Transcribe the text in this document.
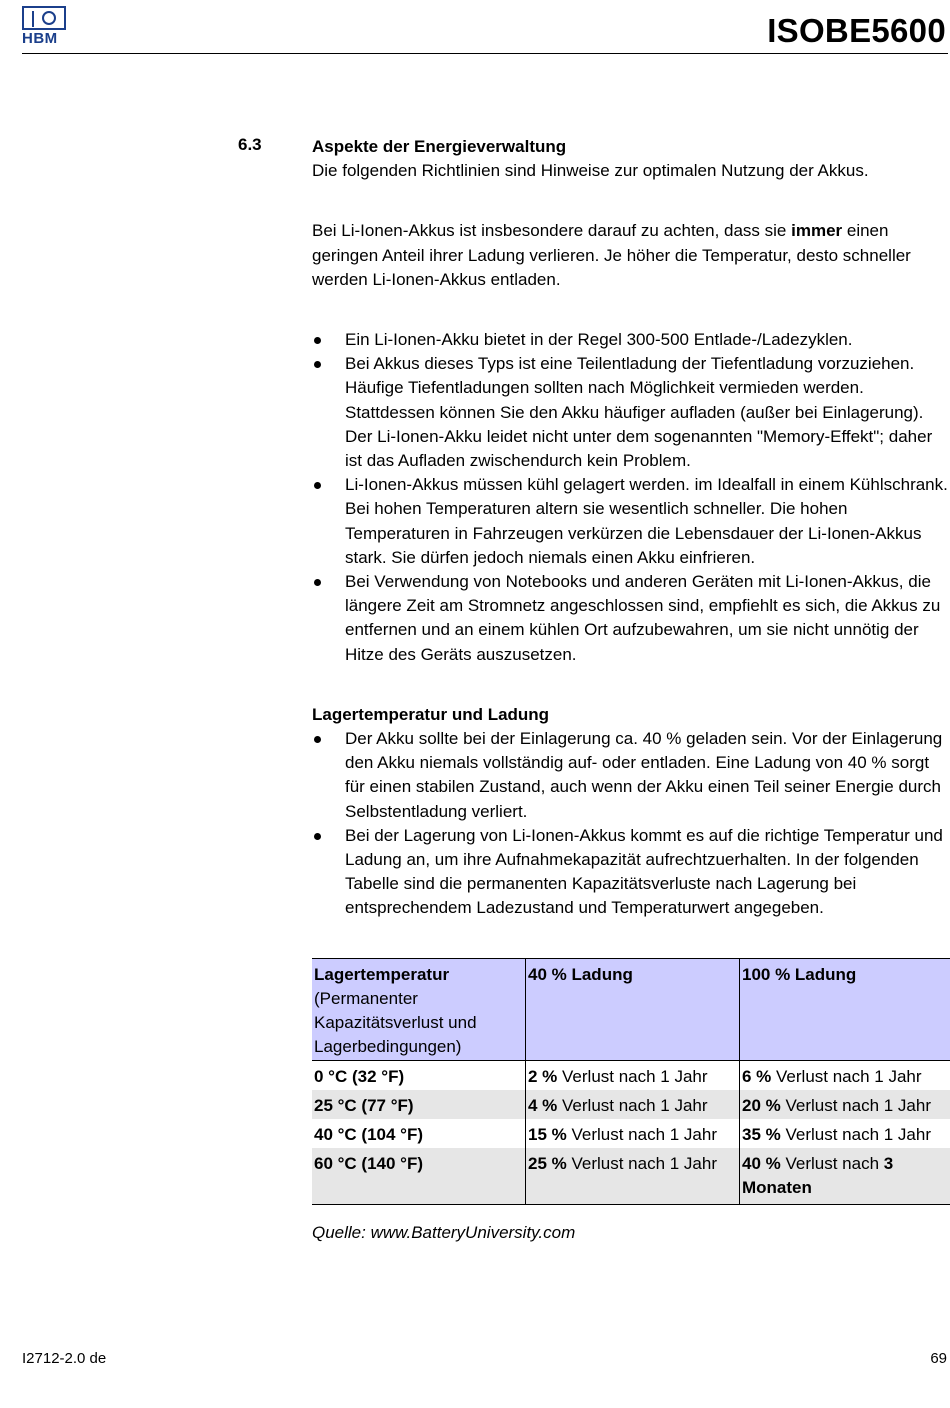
HBM	ISOBE5600
6.3	Aspekte der Energieverwaltung

Die folgenden Richtlinien sind Hinweise zur optimalen Nutzung der Akkus.

Bei Li-Ionen-Akkus ist insbesondere darauf zu achten, dass sie immer einen geringen Anteil ihrer Ladung verlieren. Je höher die Temperatur, desto schneller werden Li-Ionen-Akkus entladen.

Ein Li-Ionen-Akku bietet in der Regel 300-500 Entlade-/Ladezyklen.
Bei Akkus dieses Typs ist eine Teilentladung der Tiefentladung vorzuziehen. Häufige Tiefentladungen sollten nach Möglichkeit vermieden werden. Stattdessen können Sie den Akku häufiger aufladen (außer bei Einlagerung). Der Li-Ionen-Akku leidet nicht unter dem sogenannten "Memory-Effekt"; daher ist das Aufladen zwischendurch kein Problem.
Li-Ionen-Akkus müssen kühl gelagert werden. im Idealfall in einem Kühlschrank. Bei hohen Temperaturen altern sie wesentlich schneller. Die hohen Temperaturen in Fahrzeugen verkürzen die Lebensdauer der Li-Ionen-Akkus stark. Sie dürfen jedoch niemals einen Akku einfrieren.
Bei Verwendung von Notebooks und anderen Geräten mit Li-Ionen-Akkus, die längere Zeit am Stromnetz angeschlossen sind, empfiehlt es sich, die Akkus zu entfernen und an einem kühlen Ort aufzubewahren, um sie nicht unnötig der Hitze des Geräts auszusetzen.

Lagertemperatur und Ladung

Der Akku sollte bei der Einlagerung ca. 40 % geladen sein. Vor der Einlagerung den Akku niemals vollständig auf- oder entladen. Eine Ladung von 40 % sorgt für einen stabilen Zustand, auch wenn der Akku einen Teil seiner Energie durch Selbstentladung verliert.
Bei der Lagerung von Li-Ionen-Akkus kommt es auf die richtige Temperatur und Ladung an, um ihre Aufnahmekapazität aufrechtzuerhalten. In der folgenden Tabelle sind die permanenten Kapazitätsverluste nach Lagerung bei entsprechendem Ladezustand und Temperaturwert angegeben.
Lagertemperatur (Permanenter Kapazitätsverlust und Lagerbedingungen)	40 % Ladung	100 % Ladung
0 °C (32 °F)	2 % Verlust nach 1 Jahr	6 % Verlust nach 1 Jahr
25 °C (77 °F)	4 % Verlust nach 1 Jahr	20 % Verlust nach 1 Jahr
40 °C (104 °F)	15 % Verlust nach 1 Jahr	35 % Verlust nach 1 Jahr
60 °C (140 °F)	25 % Verlust nach 1 Jahr	40 % Verlust nach 3 Monaten

Quelle: www.BatteryUniversity.com

I2712-2.0 de	69
